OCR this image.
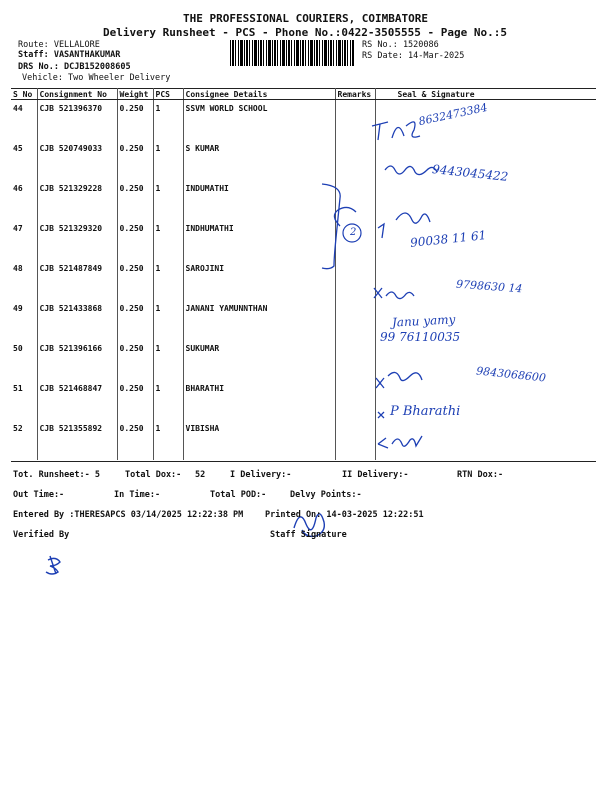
THE PROFESSIONAL COURIERS, COIMBATORE
Delivery Runsheet - PCS - Phone No.:0422-3505555 - Page No.:5
Route: VELLALORE
Staff: VASANTHAKUMAR
DRS No.: DCJB152008605
Vehicle: Two Wheeler Delivery
RS No.: 1520086
RS Date: 14-Mar-2025
S No	Consignment No	Weight	PCS	Consignee Details	Remarks	Seal & Signature
44	CJB 521396370	0.250	1	SSVM WORLD SCHOOL		
45	CJB 520749033	0.250	1	S KUMAR		
46	CJB 521329228	0.250	1	INDUMATHI		
47	CJB 521329320	0.250	1	INDHUMATHI		
48	CJB 521487849	0.250	1	SAROJINI		
49	CJB 521433868	0.250	1	JANANI YAMUNNTHAN		
50	CJB 521396166	0.250	1	SUKUMAR		
51	CJB 521468847	0.250	1	BHARATHI		
52	CJB 521355892	0.250	1	VIBISHA		
8632473384
9443045422
90038 11 61
2
9798630 14
Janu yamy
99 76110035
9843068600
P Bharathi
Tot. Runsheet:- 5	Total Dox:- 52	I Delivery:-	II Delivery:-	RTN Dox:-
Out Time:-	In Time:-	Total POD:-	Delvy Points:-
Entered By :THERESAPCS 03/14/2025 12:22:38 PM	Printed On: 14-03-2025 12:22:51
Verified By	Staff Signature
